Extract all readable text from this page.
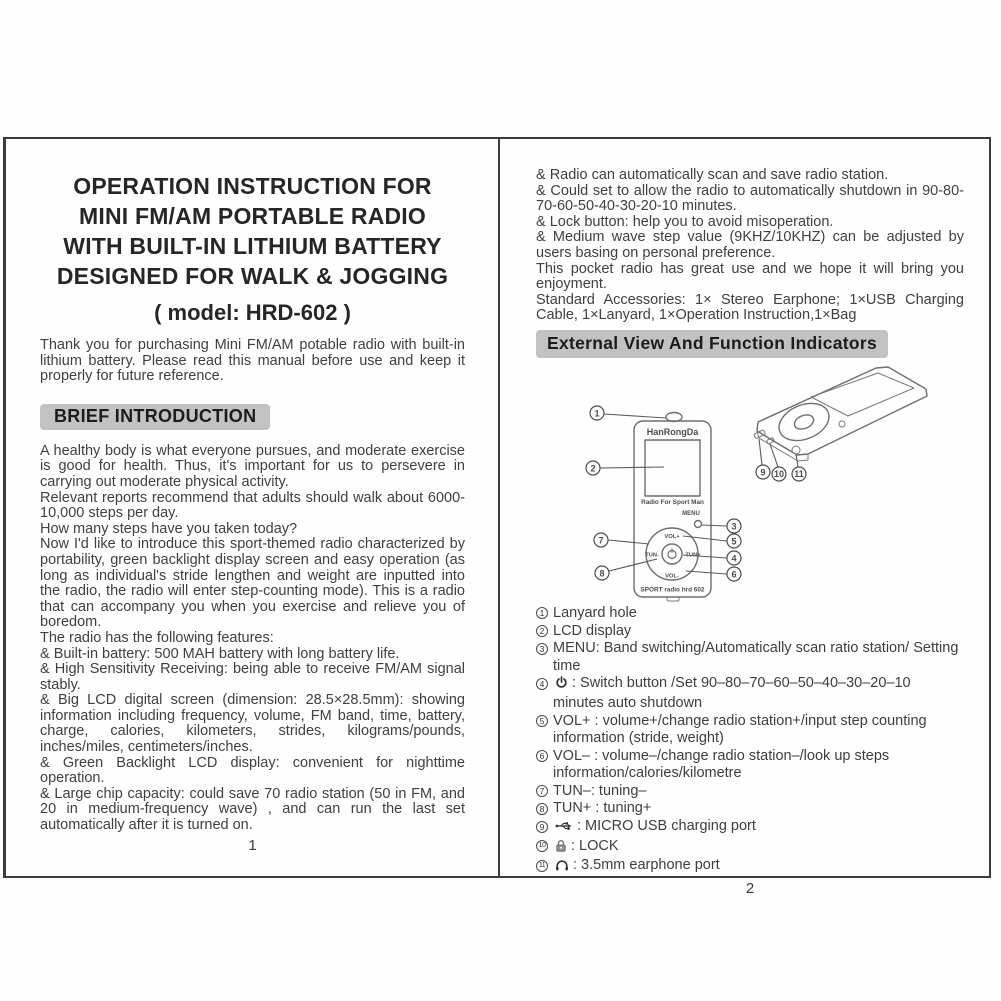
OPERATION INSTRUCTION FOR
MINI FM/AM PORTABLE RADIO
WITH BUILT-IN LITHIUM BATTERY
DESIGNED FOR WALK & JOGGING
( model: HRD-602 )

Thank you for purchasing Mini FM/AM potable radio with built-in lithium battery. Please read this manual before use and keep it properly for future reference.

BRIEF INTRODUCTION

A healthy body is what everyone pursues, and moderate exercise is good for health. Thus, it's important for us to persevere in carrying out moderate physical activity.

Relevant reports recommend that adults should walk about 6000-10,000 steps per day.

How many steps have you taken today?

Now I'd like to introduce this sport-themed radio characterized by portability, green backlight display screen and easy operation (as long as individual's stride lengthen and weight are inputted into the radio, the radio will enter step-counting mode). This is a radio that can accompany you when you exercise and relieve you of boredom.

The radio has the following features:

& Built-in battery: 500 MAH battery with long battery life.

& High Sensitivity Receiving: being able to receive FM/AM signal stably.

& Big LCD digital screen (dimension: 28.5×28.5mm): showing information including frequency, volume, FM band, time, battery, charge, calories, kilometers, strides, kilograms/pounds, inches/miles, centimeters/inches.

& Green Backlight LCD display: convenient for nighttime operation.

& Large chip capacity: could save 70 radio station (50 in FM, and 20 in medium-frequency wave) , and can run the last set automatically after it is turned on.

1

& Radio can automatically scan and save radio station.

& Could set to allow the radio to automatically shutdown in 90-80-70-60-50-40-30-20-10 minutes.

& Lock button: help you to avoid misoperation.

& Medium wave step value (9KHZ/10KHZ) can be adjusted by users basing on personal preference.

This pocket radio has great use and we hope it will bring you enjoyment.

Standard Accessories: 1× Stereo Earphone; 1×USB Charging Cable, 1×Lanyard, 1×Operation Instruction,1×Bag

External View And Function Indicators
HanRongDa
Radio For Sport Man
MENU
VOL+
VOL-
TUN-	TUN+
SPORT radio hrd 602
1
2
7
8
3
5
4
6
9 10 11
1 Lanyard hole
2 LCD display
3 MENU: Band switching/Automatically scan ratio station/ Setting time
4 : Switch button /Set 90–80–70–60–50–40–30–20–10 minutes auto shutdown
5 VOL+ : volume+/change radio station+/input step counting information (stride, weight)
6 VOL– : volume–/change radio station–/look up steps information/calories/kilometre
7 TUN–: tuning–
8 TUN+ : tuning+
9 : MICRO USB charging port
10 : LOCK
11 : 3.5mm earphone port
2
